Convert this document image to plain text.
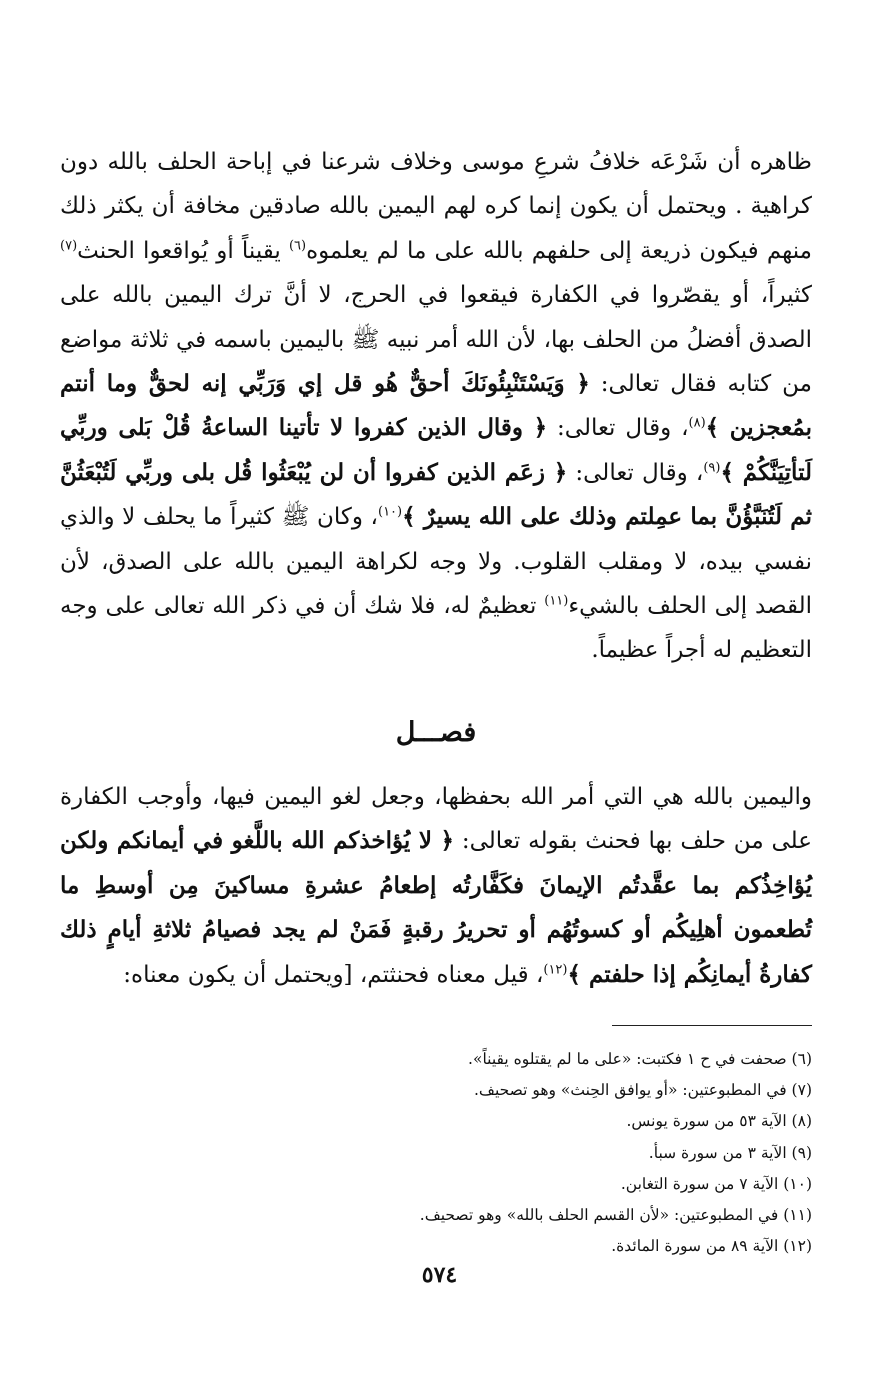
ظاهره أن شَرْعَه خلافُ شرعِ موسى وخلاف شرعنا في إباحة الحلف بالله دون كراهية . ويحتمل أن يكون إنما كره لهم اليمين بالله صادقين مخافة أن يكثر ذلك منهم فيكون ذريعة إلى حلفهم بالله على ما لم يعلموه$^{(٦)}$ يقيناً أو يُواقعوا الحنث$^{(٧)}$ كثيراً، أو يقصّروا في الكفارة فيقعوا في الحرج، لا أنَّ ترك اليمين بالله على الصدق أفضلُ من الحلف بها، لأن الله أمر نبيه ﷺ باليمين باسمه في ثلاثة مواضع من كتابه فقال تعالى: ﴿ وَيَسْتَنْبِئُونَكَ أحقٌّ هُو قل إي وَرَبِّي إنه لحقٌّ وما أنتم بمُعجزين ﴾$^{(٨)}$، وقال تعالى: ﴿ وقال الذين كفروا لا تأتينا الساعةُ قُلْ بَلى وربِّي لَتأتِيَنَّكُمْ ﴾$^{(٩)}$، وقال تعالى: ﴿ زعَم الذين كفروا أن لن يُبْعَثُوا قُل بلى وربِّي لَتُبْعَثُنَّ ثم لَتُنَبَّؤُنَّ بما عمِلتم وذلك على الله يسيرٌ ﴾$^{(١٠)}$، وكان ﷺ كثيراً ما يحلف لا والذي نفسي بيده، لا ومقلب القلوب. ولا وجه لكراهة اليمين بالله على الصدق، لأن القصد إلى الحلف بالشيء$^{(١١)}$ تعظيمٌ له، فلا شك أن في ذكر الله تعالى على وجه التعظيم له أجراً عظيماً.

فصـــل

واليمين بالله هي التي أمر الله بحفظها، وجعل لغو اليمين فيها، وأوجب الكفارة على من حلف بها فحنث بقوله تعالى: ﴿ لا يُؤاخذكم الله باللَّغو في أيمانكم ولكن يُؤاخِذُكم بما عقَّدتُم الإيمانَ فكَفَّارتُه إطعامُ عشرةِ مساكينَ مِن أوسطِ ما تُطعمون أهلِيكُم أو كسوتُهُم أو تحريرُ رقبةٍ فَمَنْ لم يجد فصيامُ ثلاثةِ أيامٍ ذلك كفارةُ أيمانِكُم إذا حلفتم ﴾$^{(١٢)}$، قيل معناه فحنثتم، [ويحتمل أن يكون معناه:

(٦) صحفت في ح ١ فكتبت: «على ما لم يقتلوه يقيناً».
(٧) في المطبوعتين: «أو يوافق الحِنث» وهو تصحيف.
(٨) الآية ٥٣ من سورة يونس.
(٩) الآية ٣ من سورة سبأ.
(١٠) الآية ٧ من سورة التغابن.
(١١) في المطبوعتين: «لأن القسم الحلف بالله» وهو تصحيف.
(١٢) الآية ٨٩ من سورة المائدة.
٥٧٤
